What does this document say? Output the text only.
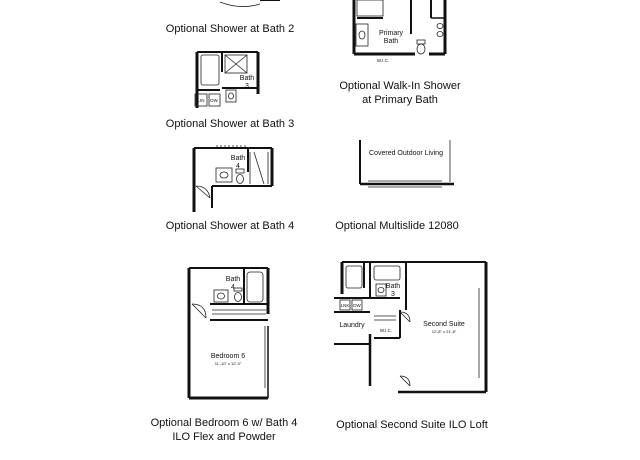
Optional Shower at Bath 2	Primary
Bath
W.I.C.
Optional Walk-In Shower
at Primary Bath
Bath
3
LIN DW
Optional Shower at Bath 3
Bath
4
Optional Shower at Bath 4
Covered Outdoor Living
Optional Multislide 12080
Bath
4
Bedroom 6
11'-10" x 12'-0"
Optional Bedroom 6 w/ Bath 4
ILO Flex and Powder
Laundry
LNK DW
Bath
3
W.I.C.
Second Suite
12'-8" x 21'-8"
Optional Second Suite ILO Loft
